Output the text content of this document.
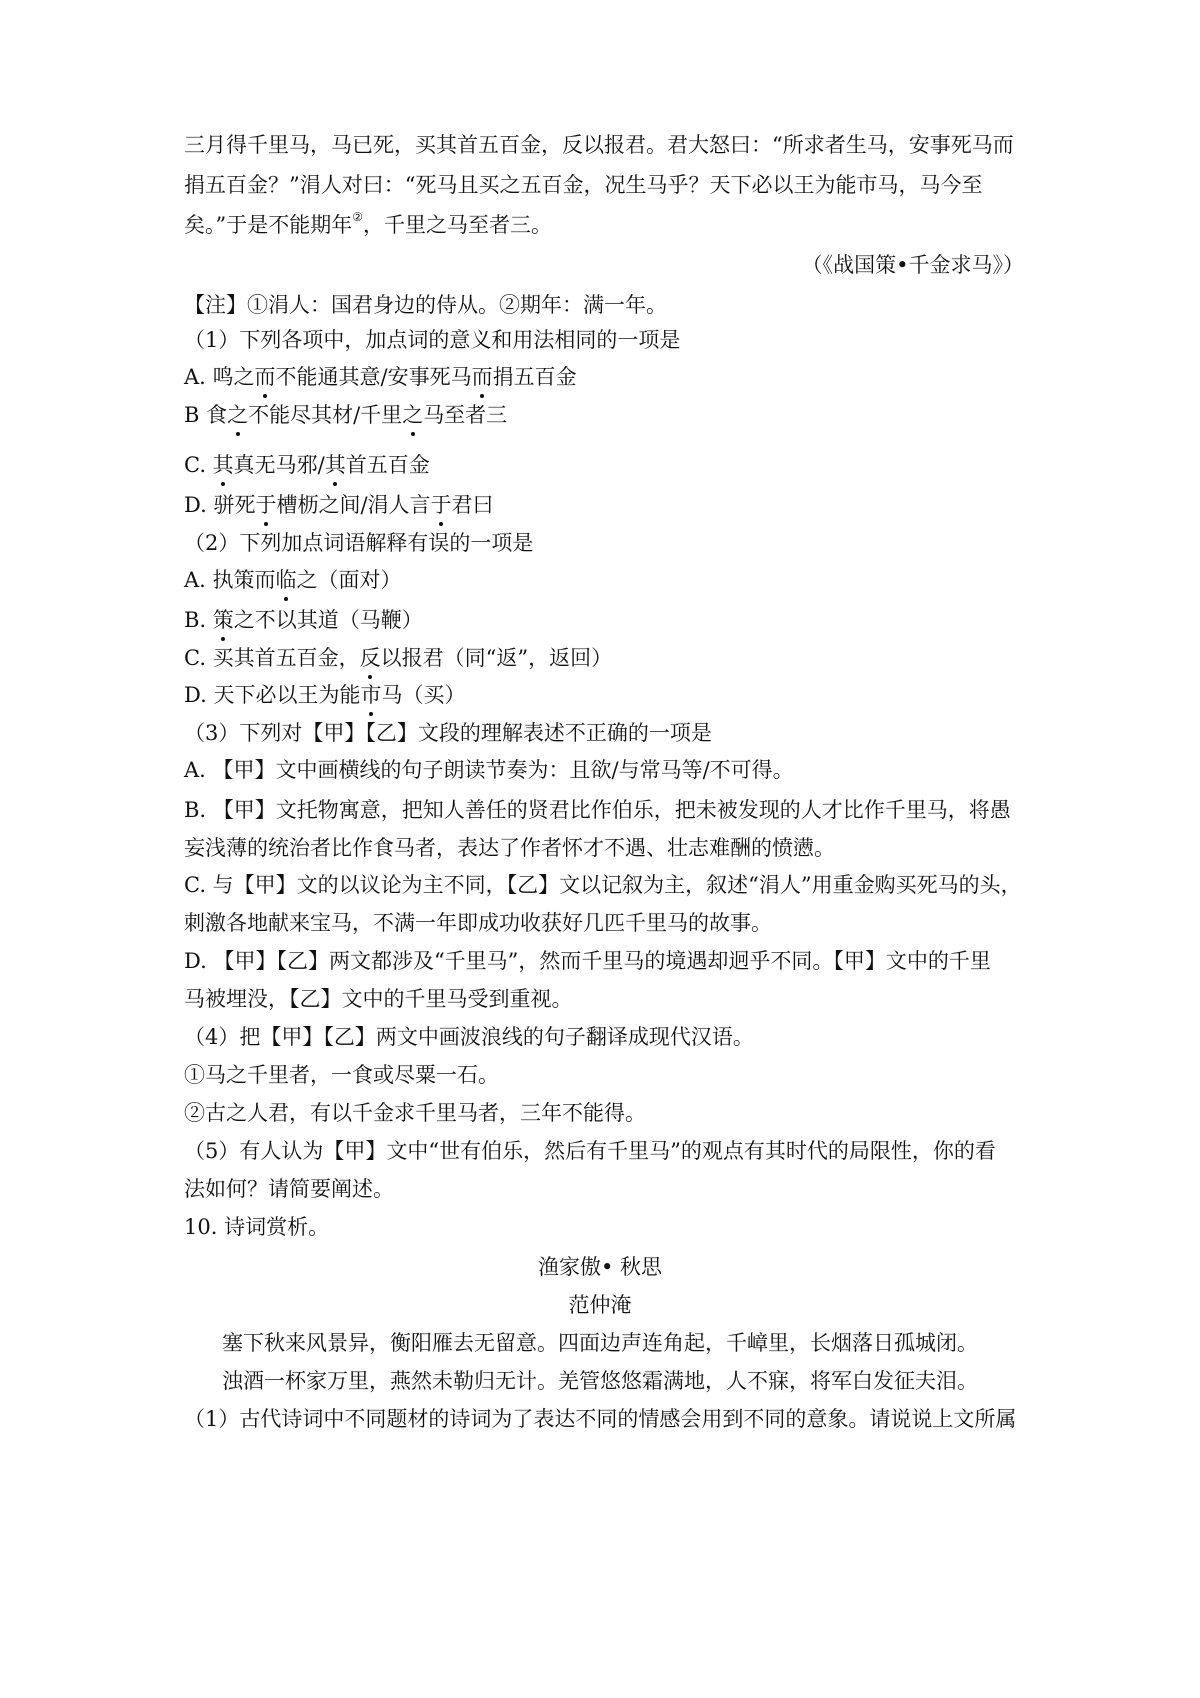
三月得千里马，马已死，买其首五百金，反以报君。君大怒曰：“所求者生马，安事死马而
捐五百金？”涓人对曰：“死马且买之五百金，况生马乎？天下必以王为能市马，马今至
矣。”于是不能期年②，千里之马至者三。
（《战国策•千金求马》）
【注】①涓人：国君身边的侍从。②期年：满一年。
（1）下列各项中，加点词的意义和用法相同的一项是
A. 鸣之而不能通其意/安事死马而捐五百金
B 食之不能尽其材/千里之马至者三
C. 其真无马邪/其首五百金
D. 骈死于槽枥之间/涓人言于君曰
（2）下列加点词语解释有误的一项是
A. 执策而临之（面对）
B. 策之不以其道（马鞭）
C. 买其首五百金，反以报君（同“返”，返回）
D. 天下必以王为能市马（买）
（3）下列对【甲】【乙】文段的理解表述不正确的一项是
A. 【甲】文中画横线的句子朗读节奏为：且欲/与常马等/不可得。
B. 【甲】文托物寓意，把知人善任的贤君比作伯乐，把未被发现的人才比作千里马，将愚
妄浅薄的统治者比作食马者，表达了作者怀才不遇、壮志难酬的愤懑。
C. 与【甲】文的以议论为主不同，【乙】文以记叙为主，叙述“涓人”用重金购买死马的头，
刺激各地献来宝马，不满一年即成功收获好几匹千里马的故事。
D. 【甲】【乙】两文都涉及“千里马”，然而千里马的境遇却迥乎不同。【甲】文中的千里
马被埋没，【乙】文中的千里马受到重视。
（4）把【甲】【乙】两文中画波浪线的句子翻译成现代汉语。
①马之千里者，一食或尽粟一石。
②古之人君，有以千金求千里马者，三年不能得。
（5）有人认为【甲】文中“世有伯乐，然后有千里马”的观点有其时代的局限性，你的看
法如何？请简要阐述。
10. 诗词赏析。
渔家傲• 秋思
范仲淹
塞下秋来风景异，衡阳雁去无留意。四面边声连角起，千嶂里，长烟落日孤城闭。
浊酒一杯家万里，燕然未勒归无计。羌管悠悠霜满地，人不寐，将军白发征夫泪。
（1）古代诗词中不同题材的诗词为了表达不同的情感会用到不同的意象。请说说上文所属
